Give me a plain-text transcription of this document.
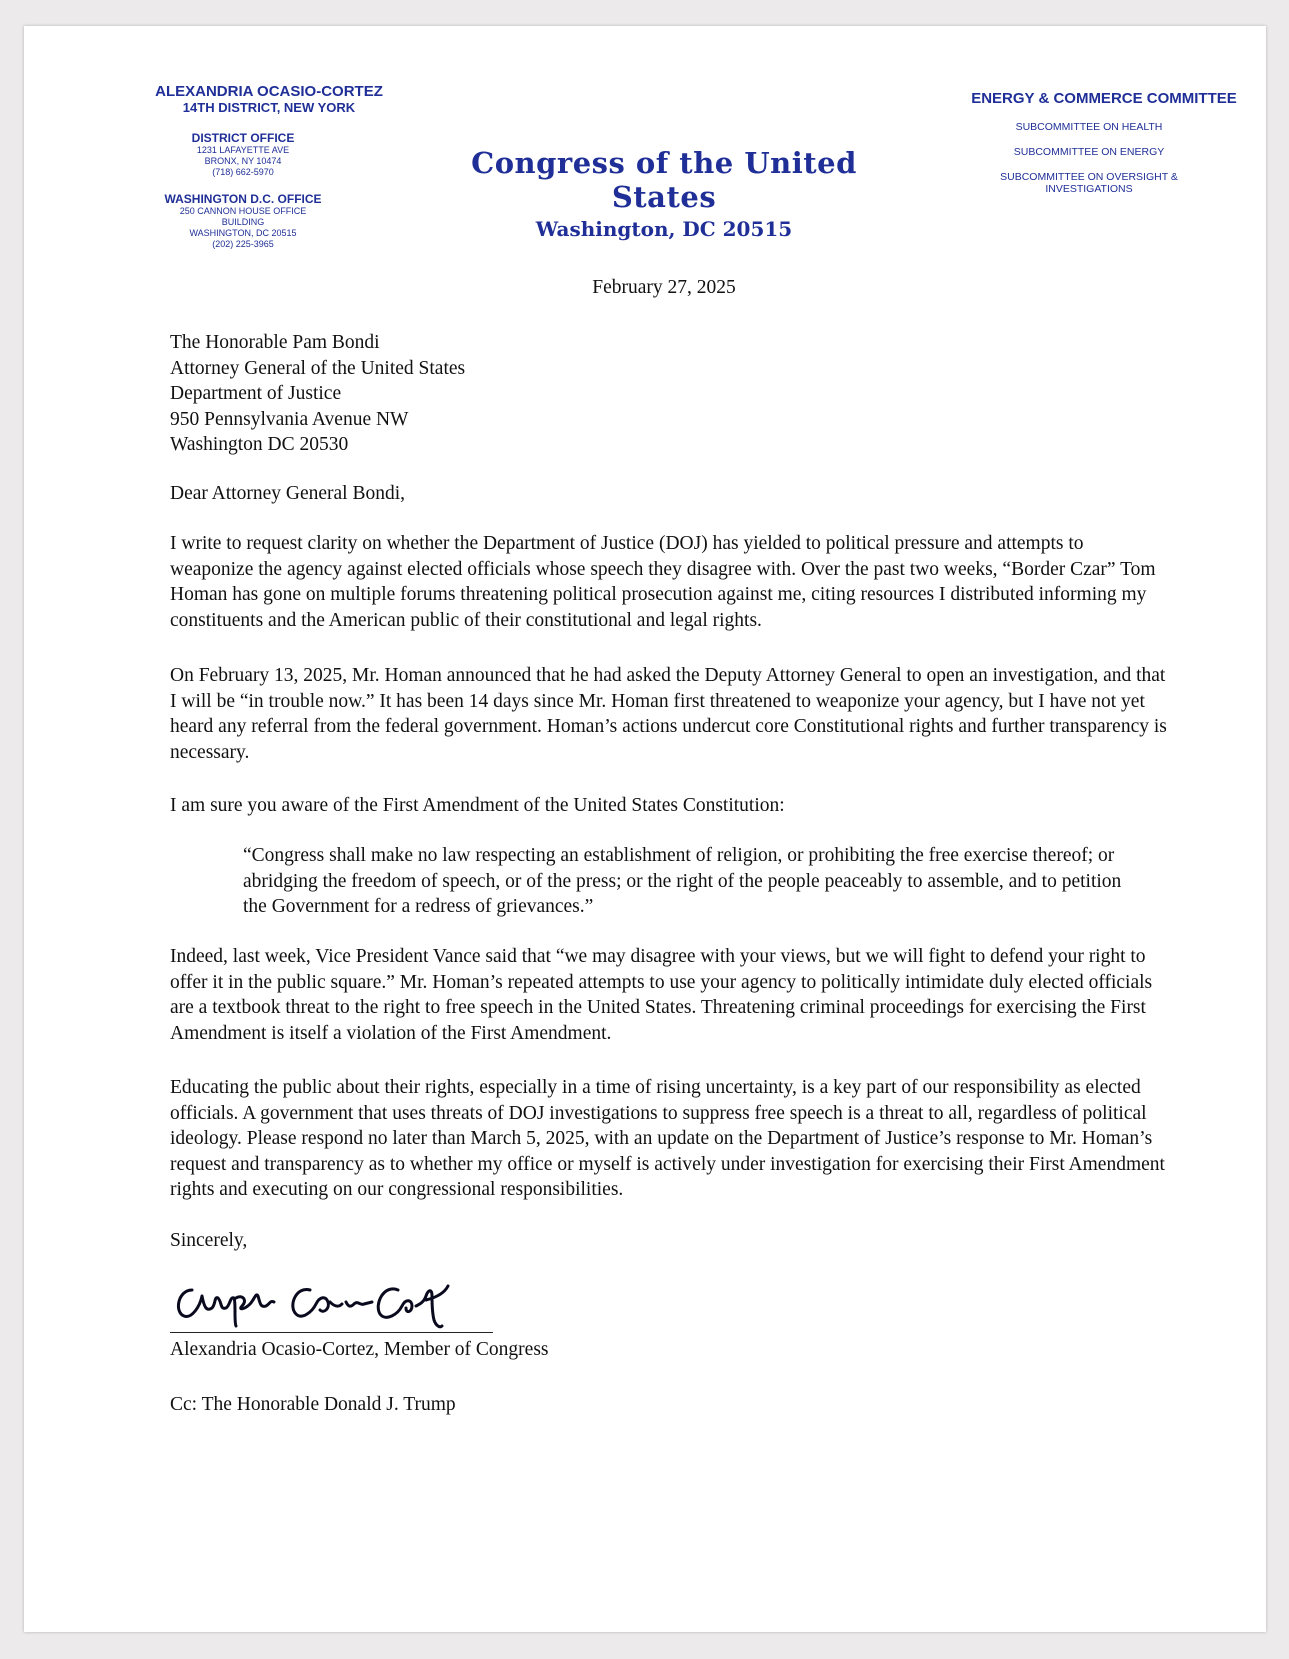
ALEXANDRIA OCASIO-CORTEZ
14TH DISTRICT, NEW YORK
DISTRICT OFFICE
1231 LAFAYETTE AVE
BRONX, NY 10474
(718) 662-5970
WASHINGTON D.C. OFFICE
250 CANNON HOUSE OFFICE
BUILDING
WASHINGTON, DC 20515
(202) 225-3965
Congress of the United States
Washington, DC 20515
ENERGY & COMMERCE COMMITTEE
SUBCOMMITTEE ON HEALTH
SUBCOMMITTEE ON ENERGY
SUBCOMMITTEE ON OVERSIGHT & INVESTIGATIONS
February 27, 2025
The Honorable Pam Bondi
Attorney General of the United States
Department of Justice
950 Pennsylvania Avenue NW
Washington DC 20530
Dear Attorney General Bondi,

I write to request clarity on whether the Department of Justice (DOJ) has yielded to political pressure and attempts to weaponize the agency against elected officials whose speech they disagree with. Over the past two weeks, “Border Czar” Tom Homan has gone on multiple forums threatening political prosecution against me, citing resources I distributed informing my constituents and the American public of their constitutional and legal rights.

On February 13, 2025, Mr. Homan announced that he had asked the Deputy Attorney General to open an investigation, and that I will be “in trouble now.” It has been 14 days since Mr. Homan first threatened to weaponize your agency, but I have not yet heard any referral from the federal government. Homan’s actions undercut core Constitutional rights and further transparency is necessary.

I am sure you aware of the First Amendment of the United States Constitution:

“Congress shall make no law respecting an establishment of religion, or prohibiting the free exercise thereof; or abridging the freedom of speech, or of the press; or the right of the people peaceably to assemble, and to petition the Government for a redress of grievances.”

Indeed, last week, Vice President Vance said that “we may disagree with your views, but we will fight to defend your right to offer it in the public square.” Mr. Homan’s repeated attempts to use your agency to politically intimidate duly elected officials are a textbook threat to the right to free speech in the United States. Threatening criminal proceedings for exercising the First Amendment is itself a violation of the First Amendment.

Educating the public about their rights, especially in a time of rising uncertainty, is a key part of our responsibility as elected officials. A government that uses threats of DOJ investigations to suppress free speech is a threat to all, regardless of political ideology. Please respond no later than March 5, 2025, with an update on the Department of Justice’s response to Mr. Homan’s request and transparency as to whether my office or myself is actively under investigation for exercising their First Amendment rights and executing on our congressional responsibilities.

Sincerely,
Alexandria Ocasio-Cortez, Member of Congress
Cc: The Honorable Donald J. Trump
